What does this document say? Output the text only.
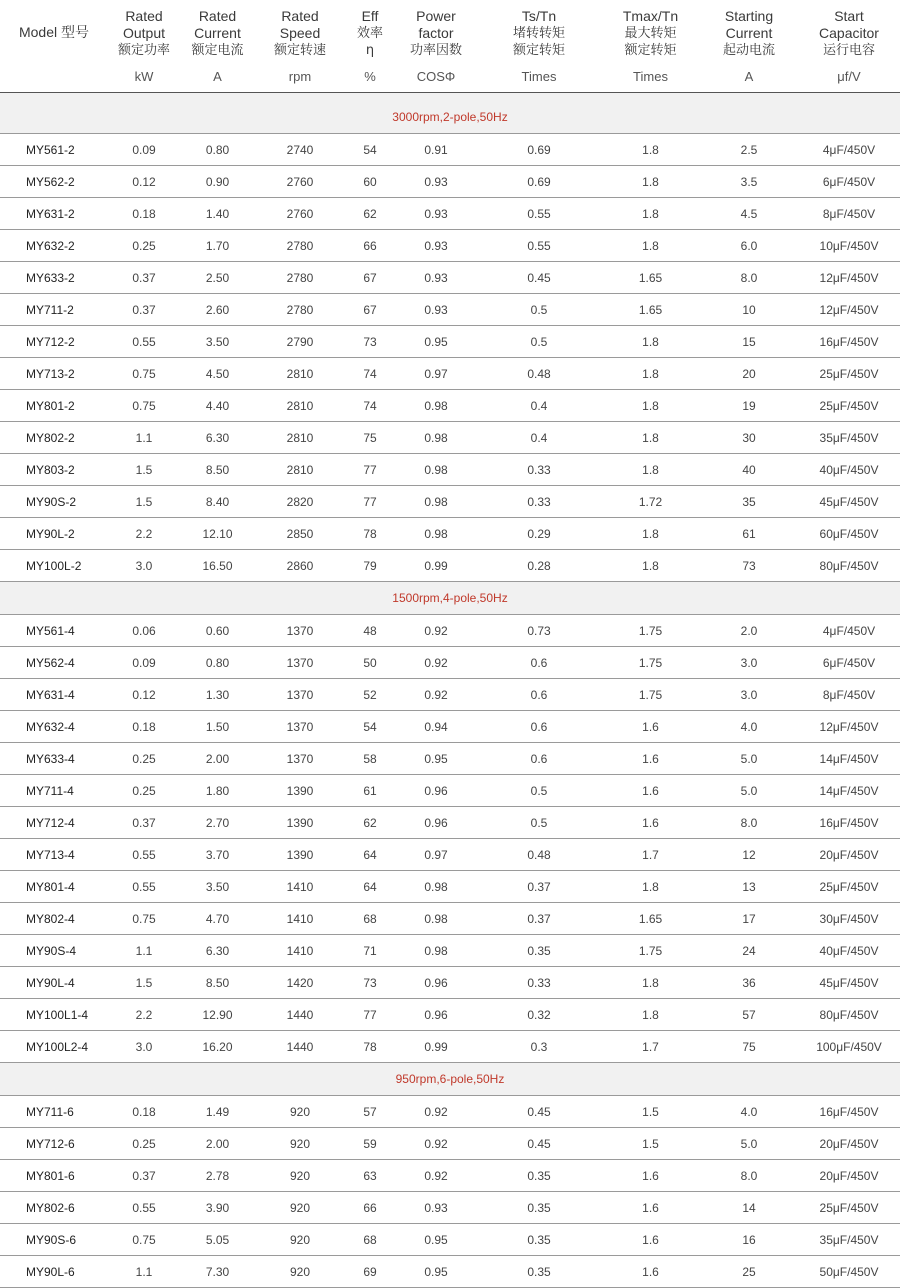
Model 型号	Rated
Output
额定功率	Rated
Current
额定电流	Rated
Speed
额定转速	Eff

效率
η	Power
factor
功率因数	Ts/Tn
堵转转矩
额定转矩	Tmax/Tn
最大转矩
额定转矩	Starting
Current
起动电流	Start
Capacitor
运行电容

	kW	A	rpm	%	COSΦ	Times	Times	A	μf/V

3000rpm,2-pole,50Hz									
MY561-2	0.09	0.80	2740	54	0.91	0.69	1.8	2.5	4μF/450V
MY562-2	0.12	0.90	2760	60	0.93	0.69	1.8	3.5	6μF/450V
MY631-2	0.18	1.40	2760	62	0.93	0.55	1.8	4.5	8μF/450V
MY632-2	0.25	1.70	2780	66	0.93	0.55	1.8	6.0	10μF/450V
MY633-2	0.37	2.50	2780	67	0.93	0.45	1.65	8.0	12μF/450V
MY711-2	0.37	2.60	2780	67	0.93	0.5	1.65	10	12μF/450V
MY712-2	0.55	3.50	2790	73	0.95	0.5	1.8	15	16μF/450V
MY713-2	0.75	4.50	2810	74	0.97	0.48	1.8	20	25μF/450V
MY801-2	0.75	4.40	2810	74	0.98	0.4	1.8	19	25μF/450V
MY802-2	1.1	6.30	2810	75	0.98	0.4	1.8	30	35μF/450V
MY803-2	1.5	8.50	2810	77	0.98	0.33	1.8	40	40μF/450V
MY90S-2	1.5	8.40	2820	77	0.98	0.33	1.72	35	45μF/450V
MY90L-2	2.2	12.10	2850	78	0.98	0.29	1.8	61	60μF/450V
MY100L-2	3.0	16.50	2860	79	0.99	0.28	1.8	73	80μF/450V
1500rpm,4-pole,50Hz									
MY561-4	0.06	0.60	1370	48	0.92	0.73	1.75	2.0	4μF/450V
MY562-4	0.09	0.80	1370	50	0.92	0.6	1.75	3.0	6μF/450V
MY631-4	0.12	1.30	1370	52	0.92	0.6	1.75	3.0	8μF/450V
MY632-4	0.18	1.50	1370	54	0.94	0.6	1.6	4.0	12μF/450V
MY633-4	0.25	2.00	1370	58	0.95	0.6	1.6	5.0	14μF/450V
MY711-4	0.25	1.80	1390	61	0.96	0.5	1.6	5.0	14μF/450V
MY712-4	0.37	2.70	1390	62	0.96	0.5	1.6	8.0	16μF/450V
MY713-4	0.55	3.70	1390	64	0.97	0.48	1.7	12	20μF/450V
MY801-4	0.55	3.50	1410	64	0.98	0.37	1.8	13	25μF/450V
MY802-4	0.75	4.70	1410	68	0.98	0.37	1.65	17	30μF/450V
MY90S-4	1.1	6.30	1410	71	0.98	0.35	1.75	24	40μF/450V
MY90L-4	1.5	8.50	1420	73	0.96	0.33	1.8	36	45μF/450V
MY100L1-4	2.2	12.90	1440	77	0.96	0.32	1.8	57	80μF/450V
MY100L2-4	3.0	16.20	1440	78	0.99	0.3	1.7	75	100μF/450V
950rpm,6-pole,50Hz									
MY711-6	0.18	1.49	920	57	0.92	0.45	1.5	4.0	16μF/450V
MY712-6	0.25	2.00	920	59	0.92	0.45	1.5	5.0	20μF/450V
MY801-6	0.37	2.78	920	63	0.92	0.35	1.6	8.0	20μF/450V
MY802-6	0.55	3.90	920	66	0.93	0.35	1.6	14	25μF/450V
MY90S-6	0.75	5.05	920	68	0.95	0.35	1.6	16	35μF/450V
MY90L-6	1.1	7.30	920	69	0.95	0.35	1.6	25	50μF/450V
